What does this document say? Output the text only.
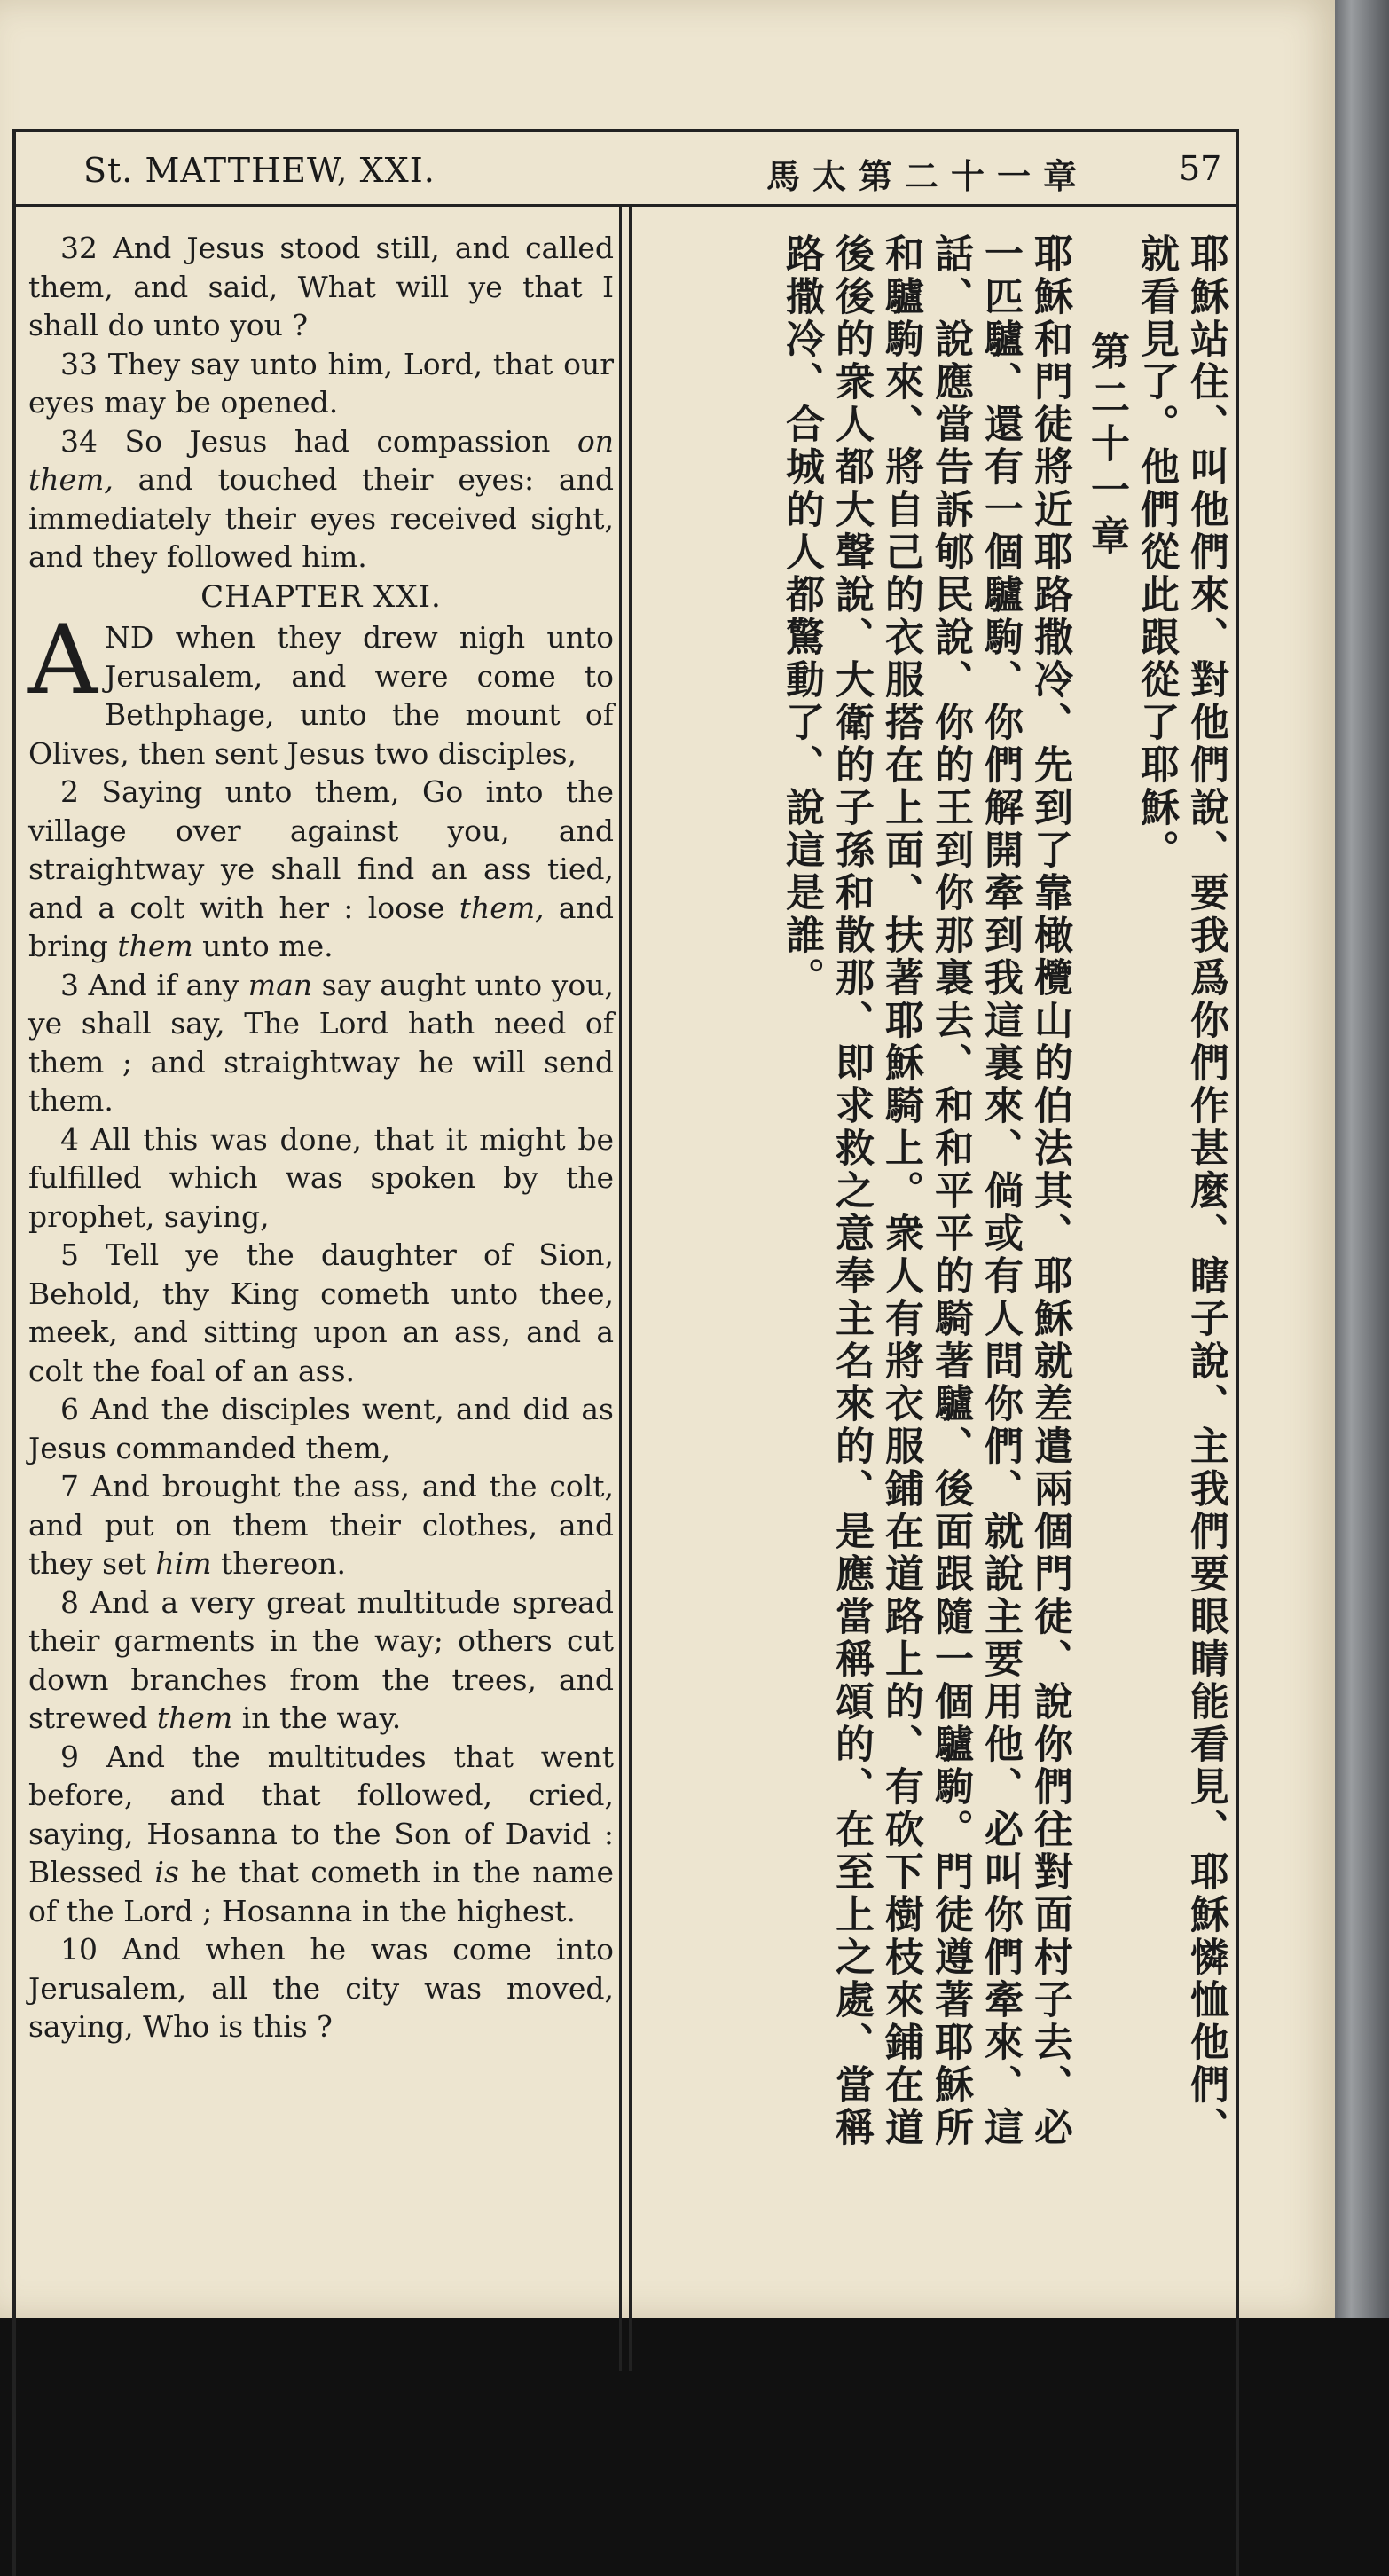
St. MATTHEW, XXI.	馬太第二十一章	57

32 And Jesus stood still, and called them, and said, What will ye that I shall do unto you ?

33 They say unto him, Lord, that our eyes may be opened.

34 So Jesus had compassion on them, and touched their eyes: and immediately their eyes received sight, and they followed him.

CHAPTER XXI.

AND when they drew nigh unto Jerusalem, and were come to Bethphage, unto the mount of Olives, then sent Jesus two disciples,

2 Saying unto them, Go into the village over against you, and straightway ye shall find an ass tied, and a colt with her : loose them, and bring them unto me.

3 And if any man say aught unto you, ye shall say, The Lord hath need of them ; and straightway he will send them.

4 All this was done, that it might be fulfilled which was spoken by the prophet, saying,

5 Tell ye the daughter of Sion, Behold, thy King cometh unto thee, meek, and sitting upon an ass, and a colt the foal of an ass.

6 And the disciples went, and did as Jesus commanded them,

7 And brought the ass, and the colt, and put on them their clothes, and they set him thereon.

8 And a very great multitude spread their garments in the way; others cut down branches from the trees, and strewed them in the way.

9 And the multitudes that went before, and that followed, cried, saying, Hosanna to the Son of David : Blessed is he that cometh in the name of the Lord ; Hosanna in the highest.

10 And when he was come into Jerusalem, all the city was moved, saying, Who is this ?

耶穌站住、叫他們來、對他們說、要我爲你們作甚麼、瞎子說、主我們要眼睛能看見、耶穌憐恤他們、
就看見了。他們從此跟從了耶穌。
第二十一章
耶穌和門徒將近耶路撒冷、先到了靠橄欖山的伯法其、耶穌就差遣兩個門徒、說你們往對面村子去、必
一匹驢、還有一個驢駒、你們解開牽到我這裏來、倘或有人問你們、就說主要用他、必叫你們牽來、這
話、說應當告訴郇民說、你的王到你那裏去、和和平平的騎著驢、後面跟隨一個驢駒。門徒遵著耶穌所
和驢駒來、將自己的衣服搭在上面、扶著耶穌騎上。衆人有將衣服鋪在道路上的、有砍下樹枝來鋪在道
後後的衆人都大聲說、大衛的子孫和散那、即求救之意奉主名來的、是應當稱頌的、在至上之處、當稱
路撒冷、合城的人都驚動了、說這是誰。
